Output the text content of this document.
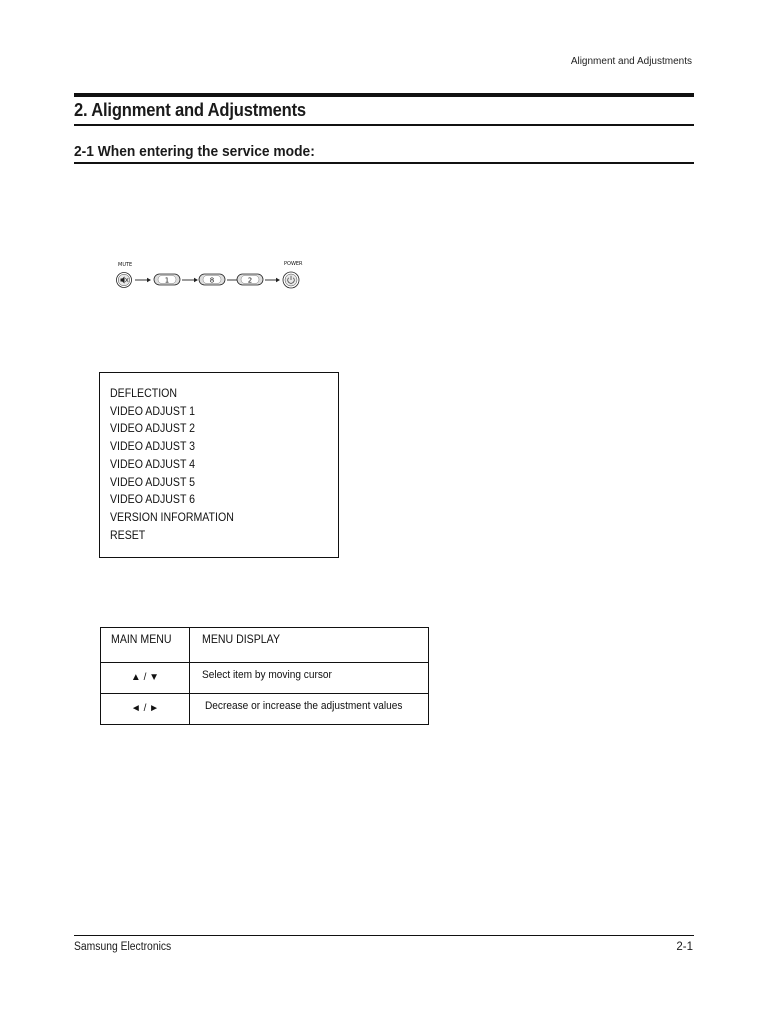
Alignment and Adjustments
2. Alignment and Adjustments
2-1 When entering the service mode:
MUTE	POWER
1	8	2
DEFLECTION
VIDEO ADJUST 1
VIDEO ADJUST 2
VIDEO ADJUST 3
VIDEO ADJUST 4
VIDEO ADJUST 5
VIDEO ADJUST 6
VERSION INFORMATION
RESET
MAIN MENU	MENU DISPLAY

▲ / ▼	Select item by moving cursor

◄ / ►	Decrease or increase the adjustment values
Samsung Electronics	2-1
